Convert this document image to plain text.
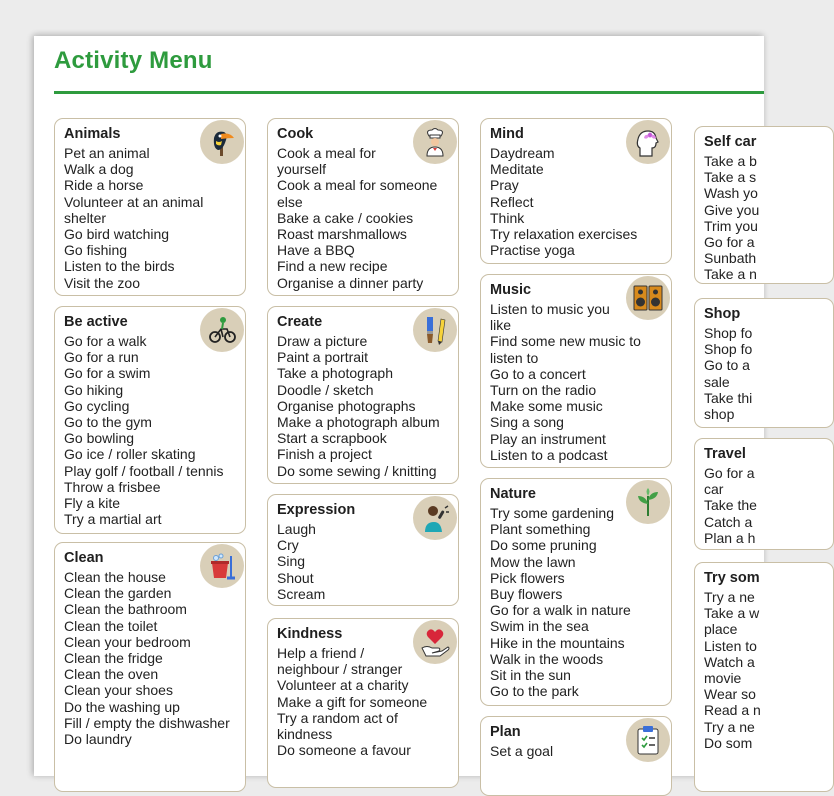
Activity Menu
Animals
Pet an animal
Walk a dog
Ride a horse
Volunteer at an animal
shelter
Go bird watching
Go fishing
Listen to the birds
Visit the zoo
Be active
Go for a walk
Go for a run
Go for a swim
Go hiking
Go cycling
Go to the gym
Go bowling
Go ice / roller skating
Play golf / football / tennis
Throw a frisbee
Fly a kite
Try a martial art
Clean
Clean the house
Clean the garden
Clean the bathroom
Clean the toilet
Clean your bedroom
Clean the fridge
Clean the oven
Clean your shoes
Do the washing up
Fill / empty the dishwasher
Do laundry
Cook
Cook a meal for
yourself
Cook a meal for someone
else
Bake a cake / cookies
Roast marshmallows
Have a BBQ
Find a new recipe
Organise a dinner party
Create
Draw a picture
Paint a portrait
Take a photograph
Doodle / sketch
Organise photographs
Make a photograph album
Start a scrapbook
Finish a project
Do some sewing / knitting
Expression
Laugh
Cry
Sing
Shout
Scream
Kindness
Help a friend /
neighbour / stranger
Volunteer at a charity
Make a gift for someone
Try a random act of
kindness
Do someone a favour
Mind
Daydream
Meditate
Pray
Reflect
Think
Try relaxation exercises
Practise yoga
Music
Listen to music you
like
Find some new music to
listen to
Go to a concert
Turn on the radio
Make some music
Sing a song
Play an instrument
Listen to a podcast
Nature
Try some gardening
Plant something
Do some pruning
Mow the lawn
Pick flowers
Buy flowers
Go for a walk in nature
Swim in the sea
Hike in the mountains
Walk in the woods
Sit in the sun
Go to the park
Plan
Set a goal
Self car
Take a b
Take a s
Wash yo
Give you
Trim you
Go for a
Sunbath
Take a n
Shop
Shop fo
Shop fo
Go to a
sale
Take thi
shop
Travel
Go for a
car
Take the
Catch a
Plan a h
Try som
Try a ne
Take a w
place
Listen to
Watch a
movie
Wear so
Read a n
Try a ne
Do som
